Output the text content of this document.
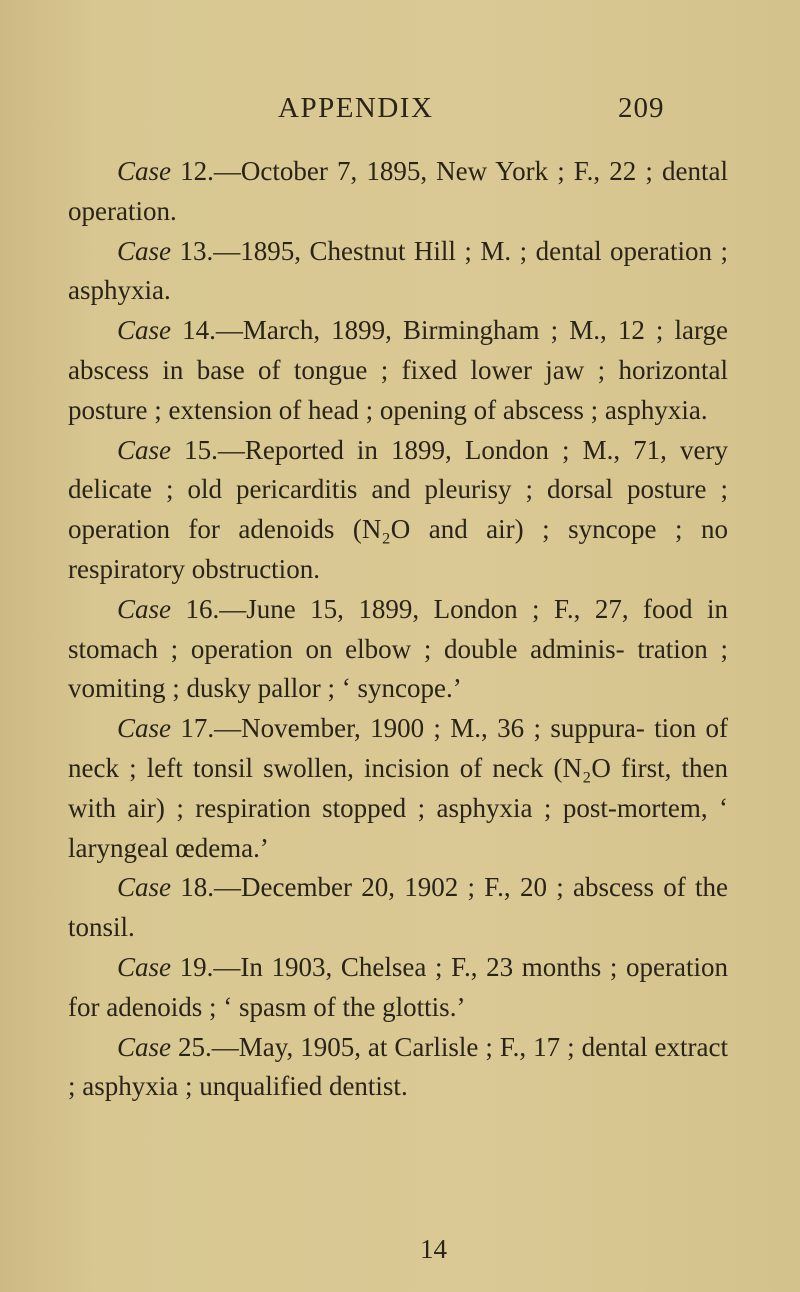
APPENDIX	209

Case 12.—October 7, 1895, New York ; F., 22 ; dental operation.

Case 13.—1895, Chestnut Hill ; M. ; dental operation ; asphyxia.

Case 14.—March, 1899, Birmingham ; M., 12 ; large abscess in base of tongue ; fixed lower jaw ; horizontal posture ; extension of head ; opening of abscess ; asphyxia.

Case 15.—Reported in 1899, London ; M., 71, very delicate ; old pericarditis and pleurisy ; dorsal posture ; operation for adenoids (N₂O and air) ; syncope ; no respiratory obstruction.

Case 16.—June 15, 1899, London ; F., 27, food in stomach ; operation on elbow ; double adminis- tration ; vomiting ; dusky pallor ; ‘ syncope.’

Case 17.—November, 1900 ; M., 36 ; suppura- tion of neck ; left tonsil swollen, incision of neck (N₂O first, then with air) ; respiration stopped ; asphyxia ; post-mortem, ‘ laryngeal œdema.’

Case 18.—December 20, 1902 ; F., 20 ; abscess of the tonsil.

Case 19.—In 1903, Chelsea ; F., 23 months ; operation for adenoids ; ‘ spasm of the glottis.’

Case 25.—May, 1905, at Carlisle ; F., 17 ; dental extract ; asphyxia ; unqualified dentist.

14
